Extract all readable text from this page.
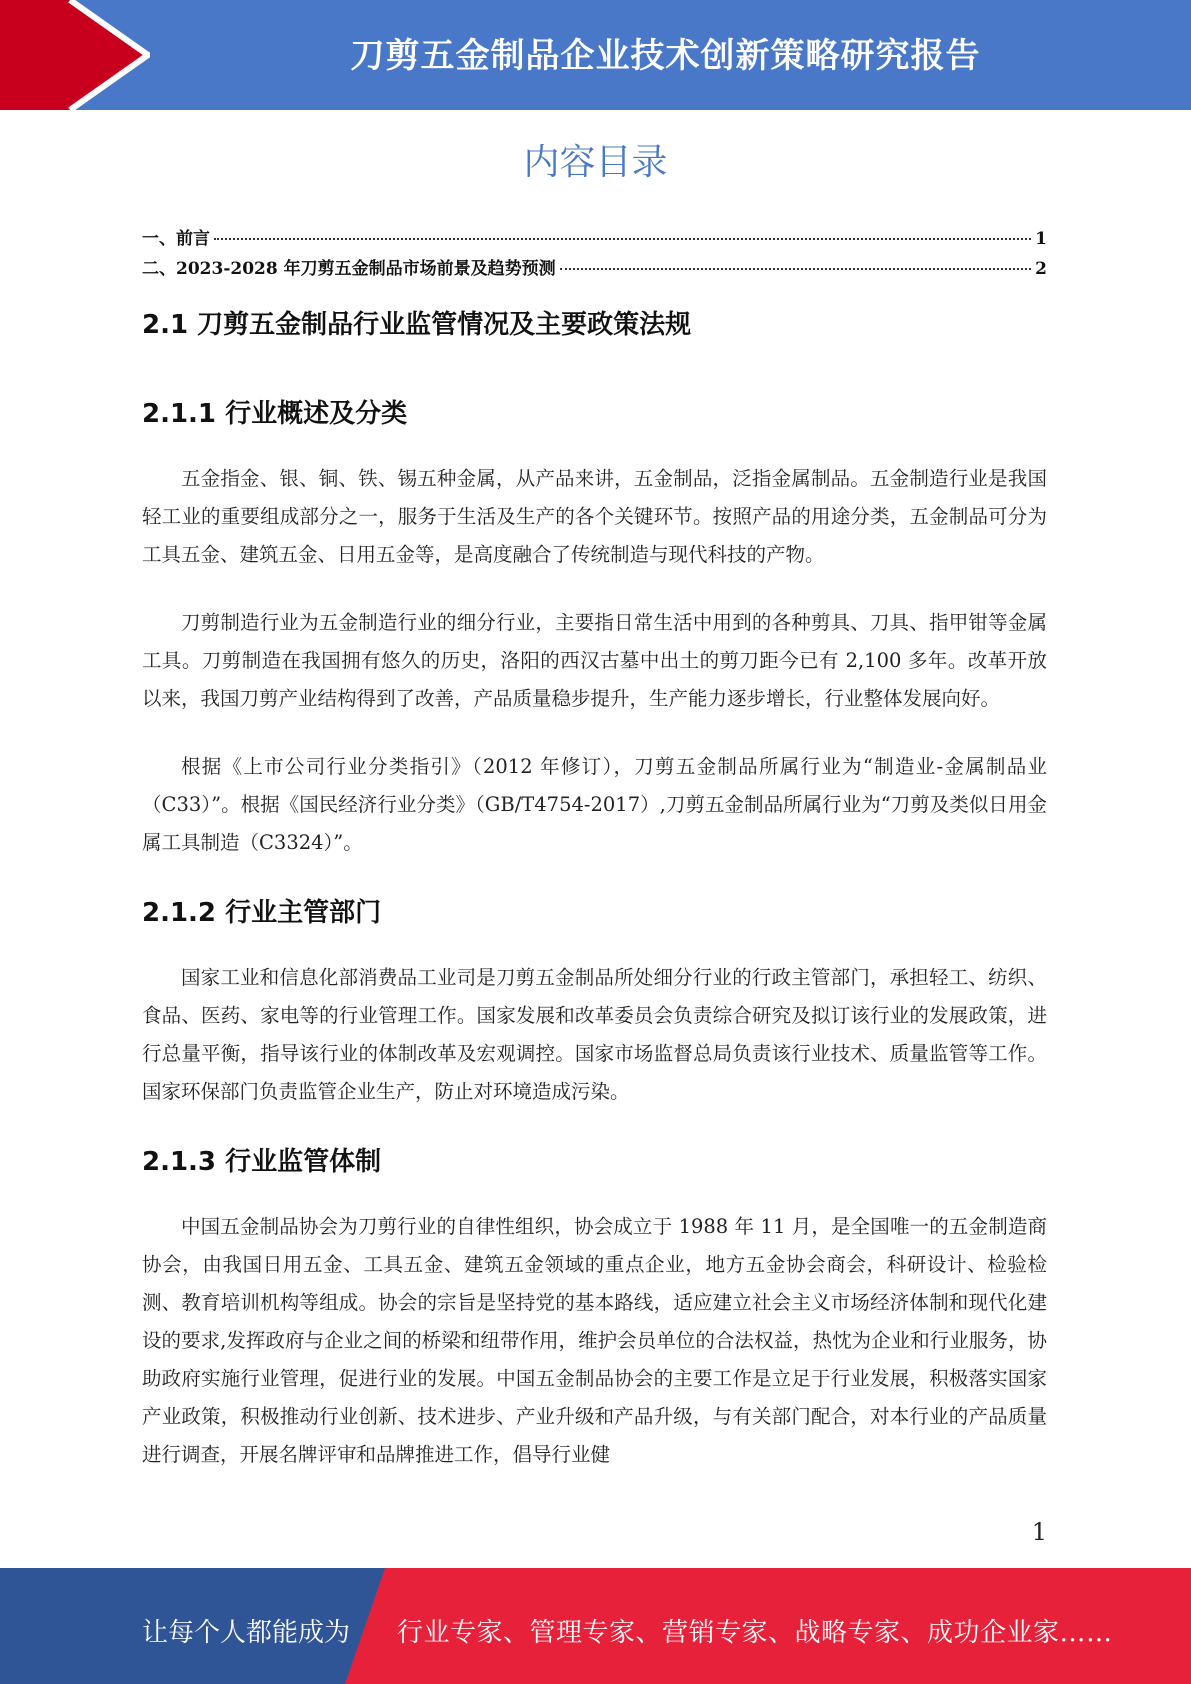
刀剪五金制品企业技术创新策略研究报告
内容目录
一、前言	1
二、2023-2028 年刀剪五金制品市场前景及趋势预测	2
2.1 刀剪五金制品行业监管情况及主要政策法规
2.1.1 行业概述及分类

五金指金、银、铜、铁、锡五种金属，从产品来讲，五金制品，泛指金属制品。五金制造行业是我国轻工业的重要组成部分之一，服务于生活及生产的各个关键环节。按照产品的用途分类，五金制品可分为工具五金、建筑五金、日用五金等，是高度融合了传统制造与现代科技的产物。

刀剪制造行业为五金制造行业的细分行业，主要指日常生活中用到的各种剪具、刀具、指甲钳等金属工具。刀剪制造在我国拥有悠久的历史，洛阳的西汉古墓中出土的剪刀距今已有 2,100 多年。改革开放以来，我国刀剪产业结构得到了改善，产品质量稳步提升，生产能力逐步增长，行业整体发展向好。

根据《上市公司行业分类指引》（2012 年修订），刀剪五金制品所属行业为“制造业-金属制品业（C33）”。根据《国民经济行业分类》（GB/T4754-2017）,刀剪五金制品所属行业为“刀剪及类似日用金属工具制造（C3324）”。

2.1.2 行业主管部门

国家工业和信息化部消费品工业司是刀剪五金制品所处细分行业的行政主管部门，承担轻工、纺织、食品、医药、家电等的行业管理工作。国家发展和改革委员会负责综合研究及拟订该行业的发展政策，进行总量平衡，指导该行业的体制改革及宏观调控。国家市场监督总局负责该行业技术、质量监管等工作。国家环保部门负责监管企业生产，防止对环境造成污染。

2.1.3 行业监管体制

中国五金制品协会为刀剪行业的自律性组织，协会成立于 1988 年 11 月，是全国唯一的五金制造商协会，由我国日用五金、工具五金、建筑五金领域的重点企业，地方五金协会商会，科研设计、检验检测、教育培训机构等组成。协会的宗旨是坚持党的基本路线，适应建立社会主义市场经济体制和现代化建设的要求,发挥政府与企业之间的桥梁和纽带作用，维护会员单位的合法权益，热忱为企业和行业服务，协助政府实施行业管理，促进行业的发展。中国五金制品协会的主要工作是立足于行业发展，积极落实国家产业政策，积极推动行业创新、技术进步、产业升级和产品升级，与有关部门配合，对本行业的产品质量进行调查，开展名牌评审和品牌推进工作，倡导行业健

1
让每个人都能成为 行业专家、管理专家、营销专家、战略专家、成功企业家……
